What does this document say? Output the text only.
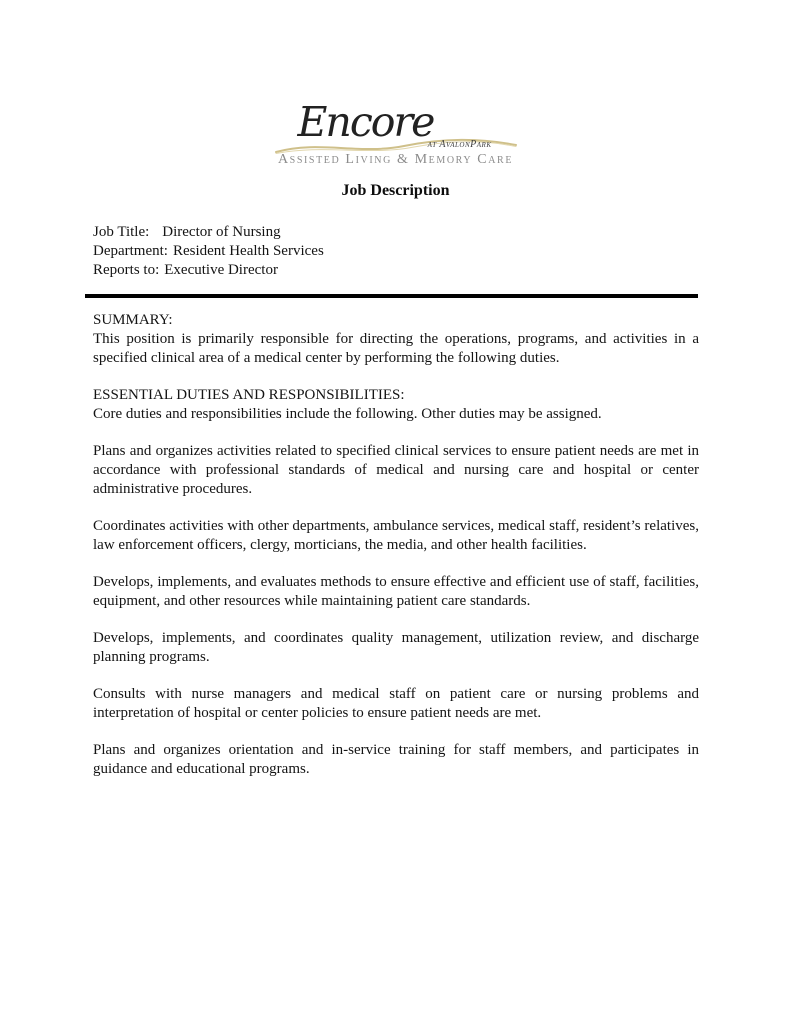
Encore
at AvalonPark
Assisted Living & Memory Care
Job Description
Job Title: Director of Nursing
Department: Resident Health Services
Reports to: Executive Director
SUMMARY:

This position is primarily responsible for directing the operations, programs, and activities in a specified clinical area of a medical center by performing the following duties.

ESSENTIAL DUTIES AND RESPONSIBILITIES:

Core duties and responsibilities include the following. Other duties may be assigned.

Plans and organizes activities related to specified clinical services to ensure patient needs are met in accordance with professional standards of medical and nursing care and hospital or center administrative procedures.

Coordinates activities with other departments, ambulance services, medical staff, resident’s relatives, law enforcement officers, clergy, morticians, the media, and other health facilities.

Develops, implements, and evaluates methods to ensure effective and efficient use of staff, facilities, equipment, and other resources while maintaining patient care standards.

Develops, implements, and coordinates quality management, utilization review, and discharge planning programs.

Consults with nurse managers and medical staff on patient care or nursing problems and interpretation of hospital or center policies to ensure patient needs are met.

Plans and organizes orientation and in-service training for staff members, and participates in guidance and educational programs.
